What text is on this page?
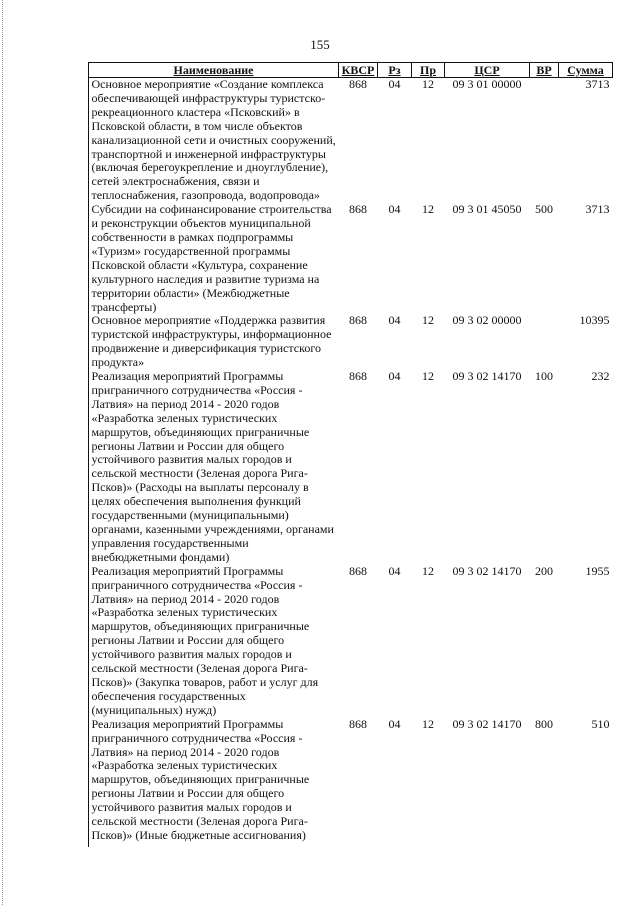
155
Наименование	КВСР	Рз	Пр	ЦСР	ВР	Сумма
Основное мероприятие «Создание комплекса обеспечивающей инфраструктуры туристско-рекреационного кластера «Псковский» в Псковской области, в том числе объектов канализационной сети и очистных сооружений, транспортной и инженерной инфраструктуры (включая берегоукрепление и дноуглубление), сетей электроснабжения, связи и теплоснабжения, газопровода, водопровода»	868	04	12	09 3 01 00000		3713
Субсидии на софинансирование строительства и реконструкции объектов муниципальной собственности в рамках подпрограммы «Туризм» государственной программы Псковской области «Культура, сохранение культурного наследия и развитие туризма на территории области» (Межбюджетные трансферты)	868	04	12	09 3 01 45050	500	3713
Основное мероприятие «Поддержка развития туристской инфраструктуры, информационное продвижение и диверсификация туристского продукта»	868	04	12	09 3 02 00000		10395
Реализация мероприятий Программы приграничного сотрудничества «Россия - Латвия» на период 2014 - 2020 годов «Разработка зеленых туристических маршрутов, объединяющих приграничные регионы Латвии и России для общего устойчивого развития малых городов и сельской местности (Зеленая дорога Рига-Псков)» (Расходы на выплаты персоналу в целях обеспечения выполнения функций государственными (муниципальными) органами, казенными учреждениями, органами управления государственными внебюджетными фондами)	868	04	12	09 3 02 14170	100	232
Реализация мероприятий Программы приграничного сотрудничества «Россия - Латвия» на период 2014 - 2020 годов «Разработка зеленых туристических маршрутов, объединяющих приграничные регионы Латвии и России для общего устойчивого развития малых городов и сельской местности (Зеленая дорога Рига-Псков)» (Закупка товаров, работ и услуг для обеспечения государственных (муниципальных) нужд)	868	04	12	09 3 02 14170	200	1955
Реализация мероприятий Программы приграничного сотрудничества «Россия - Латвия» на период 2014 - 2020 годов «Разработка зеленых туристических маршрутов, объединяющих приграничные регионы Латвии и России для общего устойчивого развития малых городов и сельской местности (Зеленая дорога Рига-Псков)» (Иные бюджетные ассигнования)	868	04	12	09 3 02 14170	800	510
